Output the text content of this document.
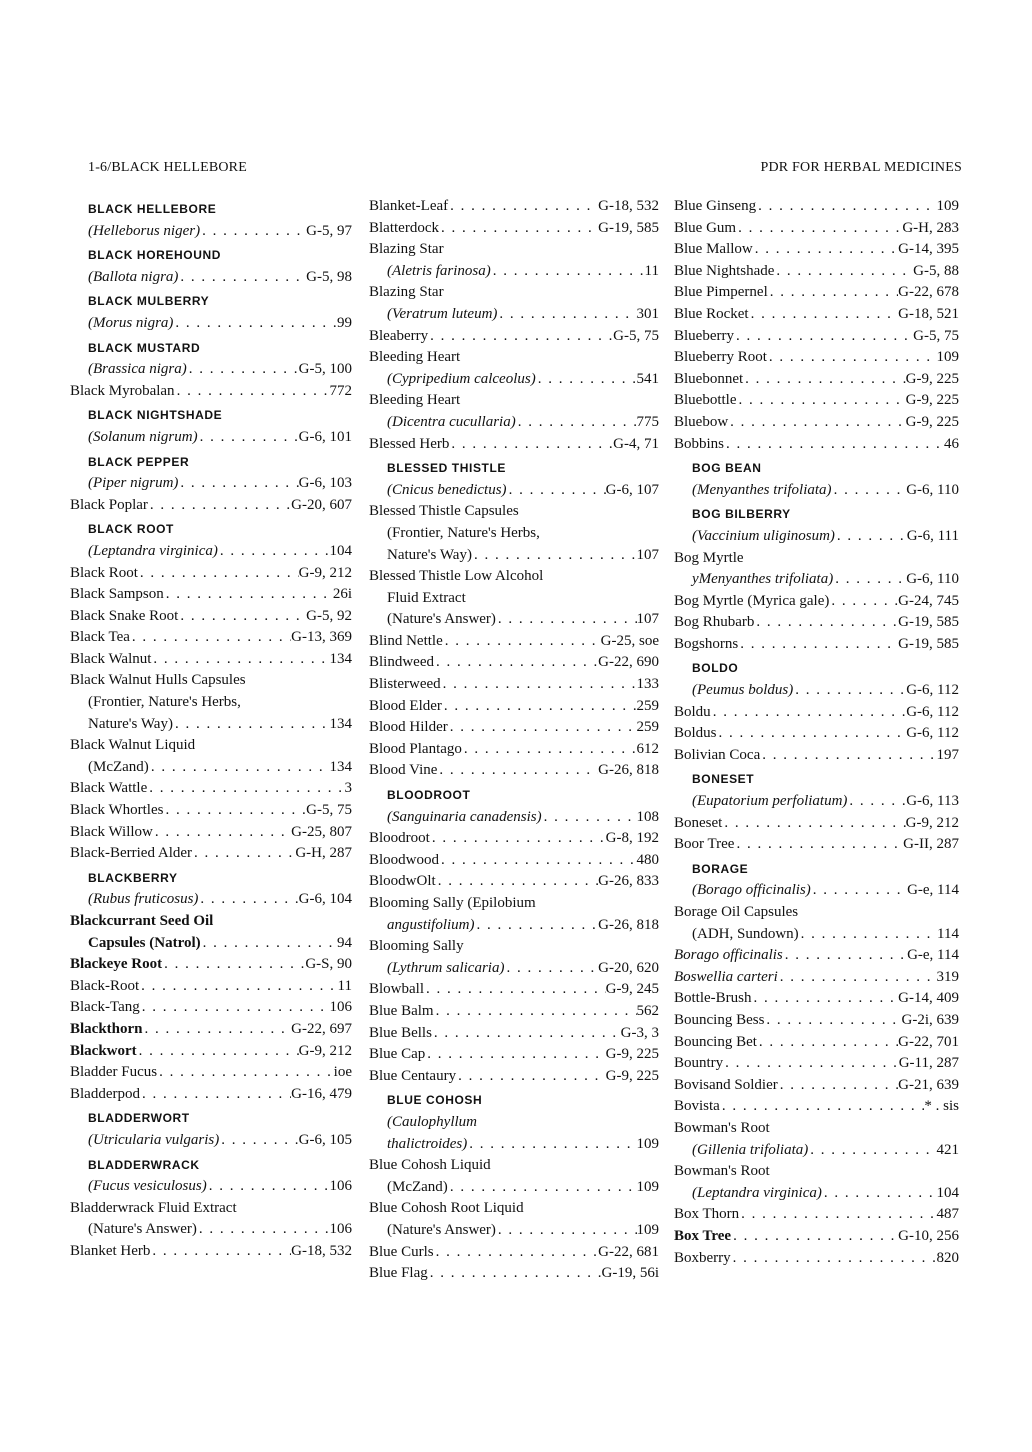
1-6/BLACK HELLEBORE	PDR FOR HERBAL MEDICINES
BLACK HELLEBORE
(Helleborus niger) . . .	G-5, 97
BLACK HOREHOUND
(Ballota nigra) . . .	G-5, 98
BLACK MULBERRY
(Morus nigra) . . .	99
BLACK MUSTARD
(Brassica nigra) . . .	G-5, 100
Black Myrobalan . . .	772
BLACK NIGHTSHADE
(Solanum nigrum) . . .	G-6, 101
BLACK PEPPER
(Piper nigrum) . . .	G-6, 103
Black Poplar . . .	G-20, 607
BLACK ROOT
(Leptandra virginica) . . .	104
Black Root . . .	G-9, 212
Black Sampson . . .	26i
Black Snake Root . . .	G-5, 92
Black Tea . . .	G-13, 369
Black Walnut . . .	134
Black Walnut Hulls Capsules
(Frontier, Nature's Herbs,
Nature's Way) . . .	134
Black Walnut Liquid
(McZand) . . .	134
Black Wattle . . .	3
Black Whortles . . .	G-5, 75
Black Willow . . .	G-25, 807
Black-Berried Alder . . .	G-H, 287
BLACKBERRY
(Rubus fruticosus) . . .	G-6, 104
Blackcurrant Seed Oil
Capsules (Natrol) . . .	94
Blackeye Root . . .	G-S, 90
Black-Root . . .	11
Black-Tang . . .	106
Blackthorn . . .	G-22, 697
Blackwort . . .	G-9, 212
Bladder Fucus . . .	ioe
Bladderpod . . .	G-16, 479
BLADDERWORT
(Utricularia vulgaris) . . .	G-6, 105
BLADDERWRACK
(Fucus vesiculosus) . . .	106
Bladderwrack Fluid Extract
(Nature's Answer) . . .	106
Blanket Herb . . .	G-18, 532
Blanket-Leaf . . .	G-18, 532
Blatterdock . . .	G-19, 585
Blazing Star
(Aletris farinosa) . . .	11
Blazing Star
(Veratrum luteum) . . .	301
Bleaberry . . .	G-5, 75
Bleeding Heart
(Cypripedium calceolus) . . .	541
Bleeding Heart
(Dicentra cucullaria) . . .	775
Blessed Herb . . .	G-4, 71
BLESSED THISTLE
(Cnicus benedictus) . . .	G-6, 107
Blessed Thistle Capsules
(Frontier, Nature's Herbs,
Nature's Way) . . .	107
Blessed Thistle Low Alcohol
Fluid Extract
(Nature's Answer) . . .	107
Blind Nettle . . .	G-25, soe
Blindweed . . .	G-22, 690
Blisterweed . . .	133
Blood Elder . . .	259
Blood Hilder . . .	259
Blood Plantago . . .	612
Blood Vine . . .	G-26, 818
BLOODROOT
(Sanguinaria canadensis) . . .	108
Bloodroot . . .	G-8, 192
Bloodwood . . .	480
BloodwOlt . . .	G-26, 833
Blooming Sally (Epilobium
angustifolium) . . .	G-26, 818
Blooming Sally
(Lythrum salicaria) . . .	G-20, 620
Blowball . . .	G-9, 245
Blue Balm . . .	562
Blue Bells . . .	G-3, 3
Blue Cap . . .	G-9, 225
Blue Centaury . . .	G-9, 225
BLUE COHOSH
(Caulophyllum
thalictroides) . . .	109
Blue Cohosh Liquid
(McZand) . . .	109
Blue Cohosh Root Liquid
(Nature's Answer) . . .	109
Blue Curls . . .	G-22, 681
Blue Flag . . .	G-19, 56i
Blue Ginseng . . .	109
Blue Gum . . .	G-H, 283
Blue Mallow . . .	G-14, 395
Blue Nightshade . . .	G-5, 88
Blue Pimpernel . . .	G-22, 678
Blue Rocket . . .	G-18, 521
Blueberry . . .	G-5, 75
Blueberry Root . . .	109
Bluebonnet . . .	G-9, 225
Bluebottle . . .	G-9, 225
Bluebow . . .	G-9, 225
Bobbins . . .	46
BOG BEAN
(Menyanthes trifoliata) . . .	G-6, 110
BOG BILBERRY
(Vaccinium uliginosum) . . .	G-6, 111
Bog Myrtle
yMenyanthes trifoliata) . . .	G-6, 110
Bog Myrtle (Myrica gale) . . .	G-24, 745
Bog Rhubarb . . .	G-19, 585
Bogshorns . . .	G-19, 585
BOLDO
(Peumus boldus) . . .	G-6, 112
Boldu . . .	G-6, 112
Boldus . . .	G-6, 112
Bolivian Coca . . .	197
BONESET
(Eupatorium perfoliatum) . . .	G-6, 113
Boneset . . .	G-9, 212
Boor Tree . . .	G-II, 287
BORAGE
(Borago officinalis) . . .	G-e, 114
Borage Oil Capsules
(ADH, Sundown) . . .	114
Borago officinalis . . .	G-e, 114
Boswellia carteri . . .	319
Bottle-Brush . . .	G-14, 409
Bouncing Bess . . .	G-2i, 639
Bouncing Bet . . .	G-22, 701
Bountry . . .	G-11, 287
Bovisand Soldier . . .	G-21, 639
Bovista . . .	* . sis
Bowman's Root
(Gillenia trifoliata) . . .	421
Bowman's Root
(Leptandra virginica) . . .	104
Box Thorn . . .	487
Box Tree . . .	G-10, 256
Boxberry . . .	820
